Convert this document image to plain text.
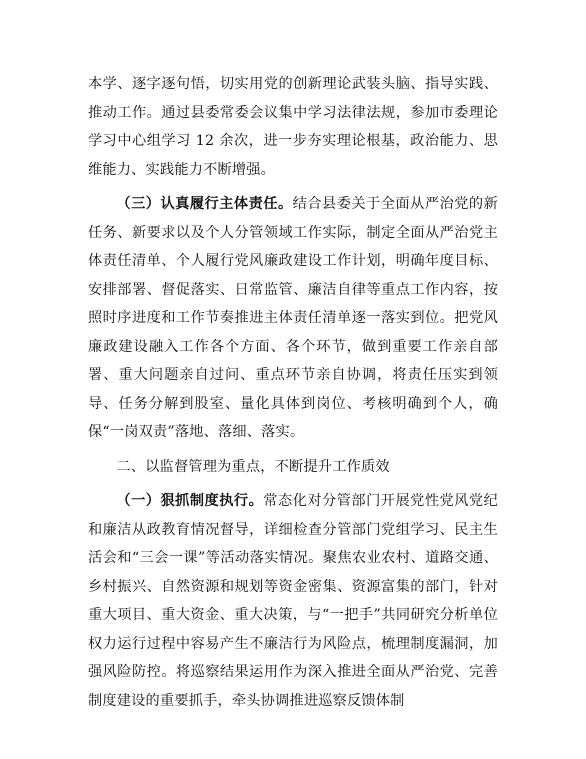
本学、逐字逐句悟，切实用党的创新理论武装头脑、指导实践、推动工作。通过县委常委会议集中学习法律法规，参加市委理论学习中心组学习 12 余次，进一步夯实理论根基，政治能力、思维能力、实践能力不断增强。

（三）认真履行主体责任。结合县委关于全面从严治党的新任务、新要求以及个人分管领域工作实际，制定全面从严治党主体责任清单、个人履行党风廉政建设工作计划，明确年度目标、安排部署、督促落实、日常监管、廉洁自律等重点工作内容，按照时序进度和工作节奏推进主体责任清单逐一落实到位。把党风廉政建设融入工作各个方面、各个环节，做到重要工作亲自部署、重大问题亲自过问、重点环节亲自协调，将责任压实到领导、任务分解到股室、量化具体到岗位、考核明确到个人，确保“一岗双责”落地、落细、落实。

二、以监督管理为重点，不断提升工作质效

（一）狠抓制度执行。常态化对分管部门开展党性党风党纪和廉洁从政教育情况督导，详细检查分管部门党组学习、民主生活会和“三会一课”等活动落实情况。聚焦农业农村、道路交通、乡村振兴、自然资源和规划等资金密集、资源富集的部门，针对重大项目、重大资金、重大决策，与“一把手”共同研究分析单位权力运行过程中容易产生不廉洁行为风险点，梳理制度漏洞，加强风险防控。将巡察结果运用作为深入推进全面从严治党、完善制度建设的重要抓手，牵头协调推进巡察反馈体制
